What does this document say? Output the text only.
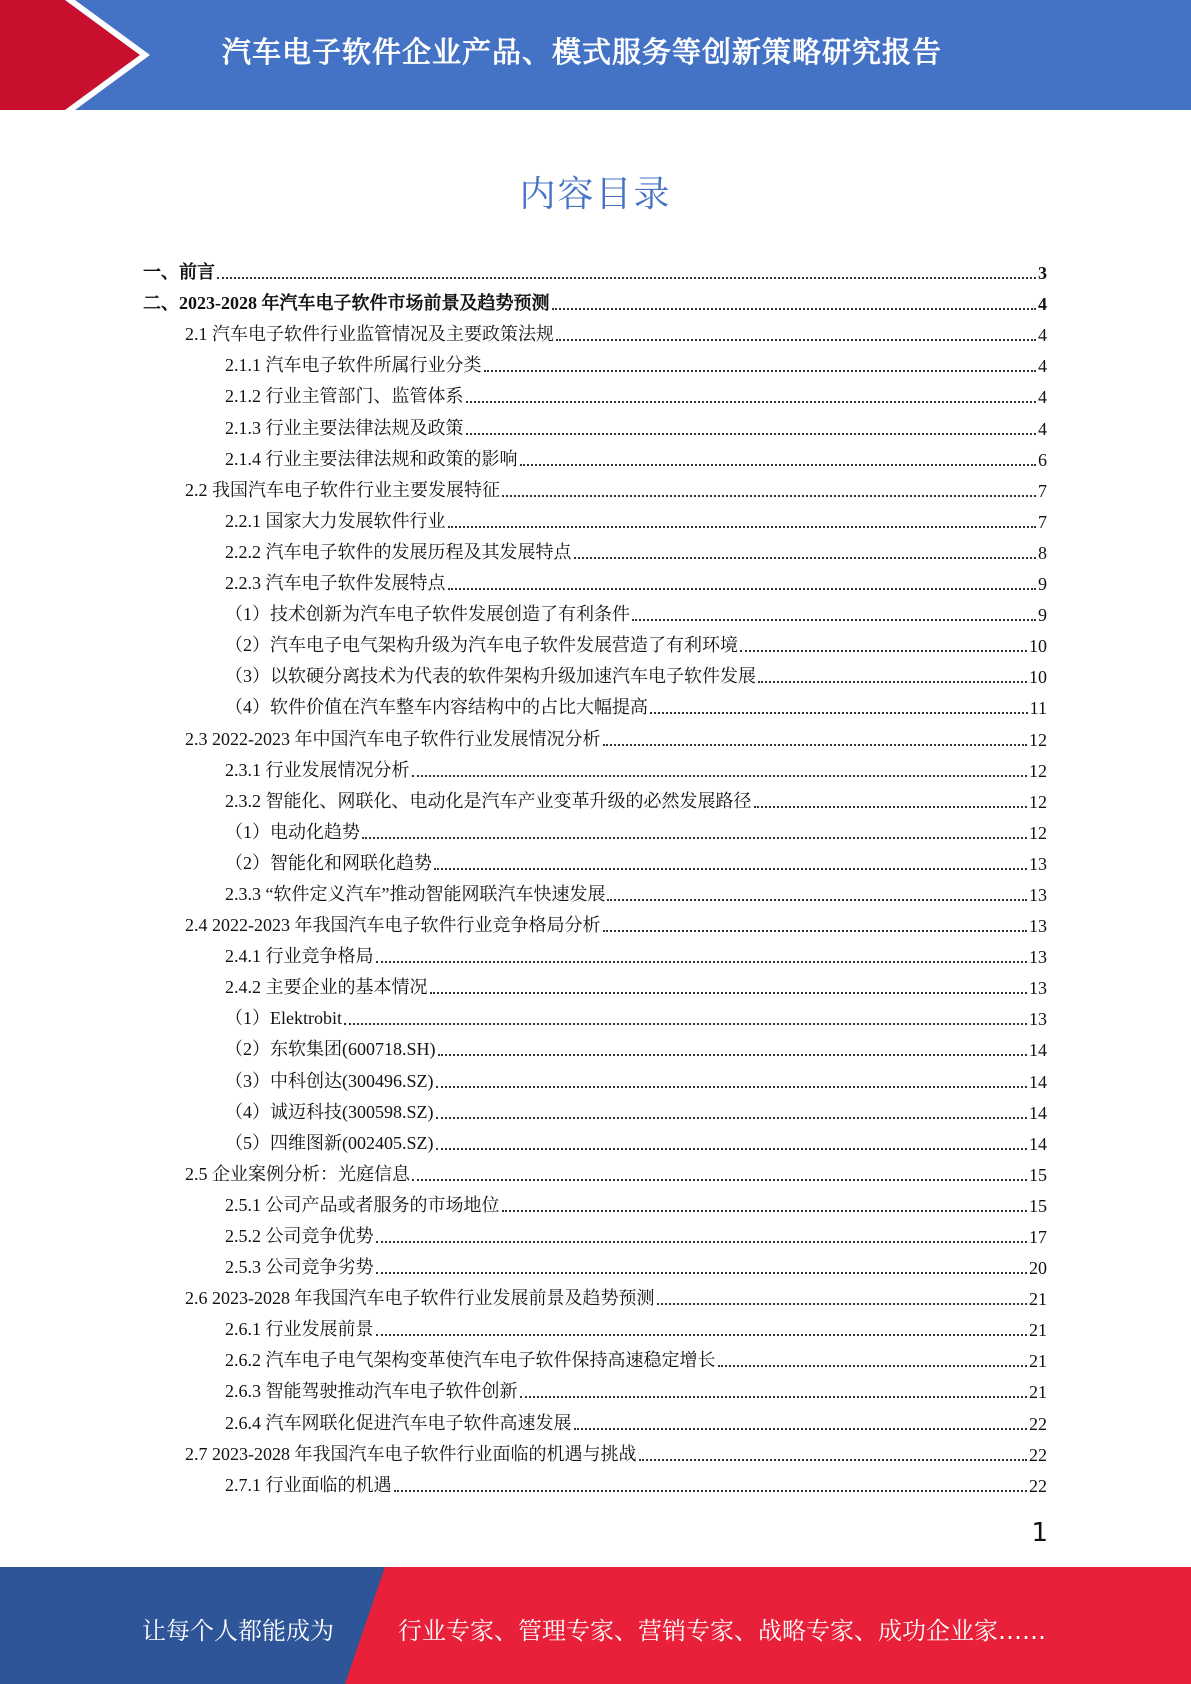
汽车电子软件企业产品、模式服务等创新策略研究报告
内容目录
一、前言	3
二、2023-2028 年汽车电子软件市场前景及趋势预测	4
2.1 汽车电子软件行业监管情况及主要政策法规	4
2.1.1 汽车电子软件所属行业分类	4
2.1.2 行业主管部门、监管体系	4
2.1.3 行业主要法律法规及政策	4
2.1.4 行业主要法律法规和政策的影响	6
2.2 我国汽车电子软件行业主要发展特征	7
2.2.1 国家大力发展软件行业	7
2.2.2 汽车电子软件的发展历程及其发展特点	8
2.2.3 汽车电子软件发展特点	9
（1）技术创新为汽车电子软件发展创造了有利条件	9
（2）汽车电子电气架构升级为汽车电子软件发展营造了有利环境	10
（3）以软硬分离技术为代表的软件架构升级加速汽车电子软件发展	10
（4）软件价值在汽车整车内容结构中的占比大幅提高	11
2.3 2022-2023 年中国汽车电子软件行业发展情况分析	12
2.3.1 行业发展情况分析	12
2.3.2 智能化、网联化、电动化是汽车产业变革升级的必然发展路径	12
（1）电动化趋势	12
（2）智能化和网联化趋势	13
2.3.3 “软件定义汽车”推动智能网联汽车快速发展	13
2.4 2022-2023 年我国汽车电子软件行业竞争格局分析	13
2.4.1 行业竞争格局	13
2.4.2 主要企业的基本情况	13
（1）Elektrobit	13
（2）东软集团(600718.SH)	14
（3）中科创达(300496.SZ)	14
（4）诚迈科技(300598.SZ)	14
（5）四维图新(002405.SZ)	14
2.5 企业案例分析：光庭信息	15
2.5.1 公司产品或者服务的市场地位	15
2.5.2 公司竞争优势	17
2.5.3 公司竞争劣势	20
2.6 2023-2028 年我国汽车电子软件行业发展前景及趋势预测	21
2.6.1 行业发展前景	21
2.6.2 汽车电子电气架构变革使汽车电子软件保持高速稳定增长	21
2.6.3 智能驾驶推动汽车电子软件创新	21
2.6.4 汽车网联化促进汽车电子软件高速发展	22
2.7 2023-2028 年我国汽车电子软件行业面临的机遇与挑战	22
2.7.1 行业面临的机遇	22
1
让每个人都能成为	行业专家、管理专家、营销专家、战略专家、成功企业家……
